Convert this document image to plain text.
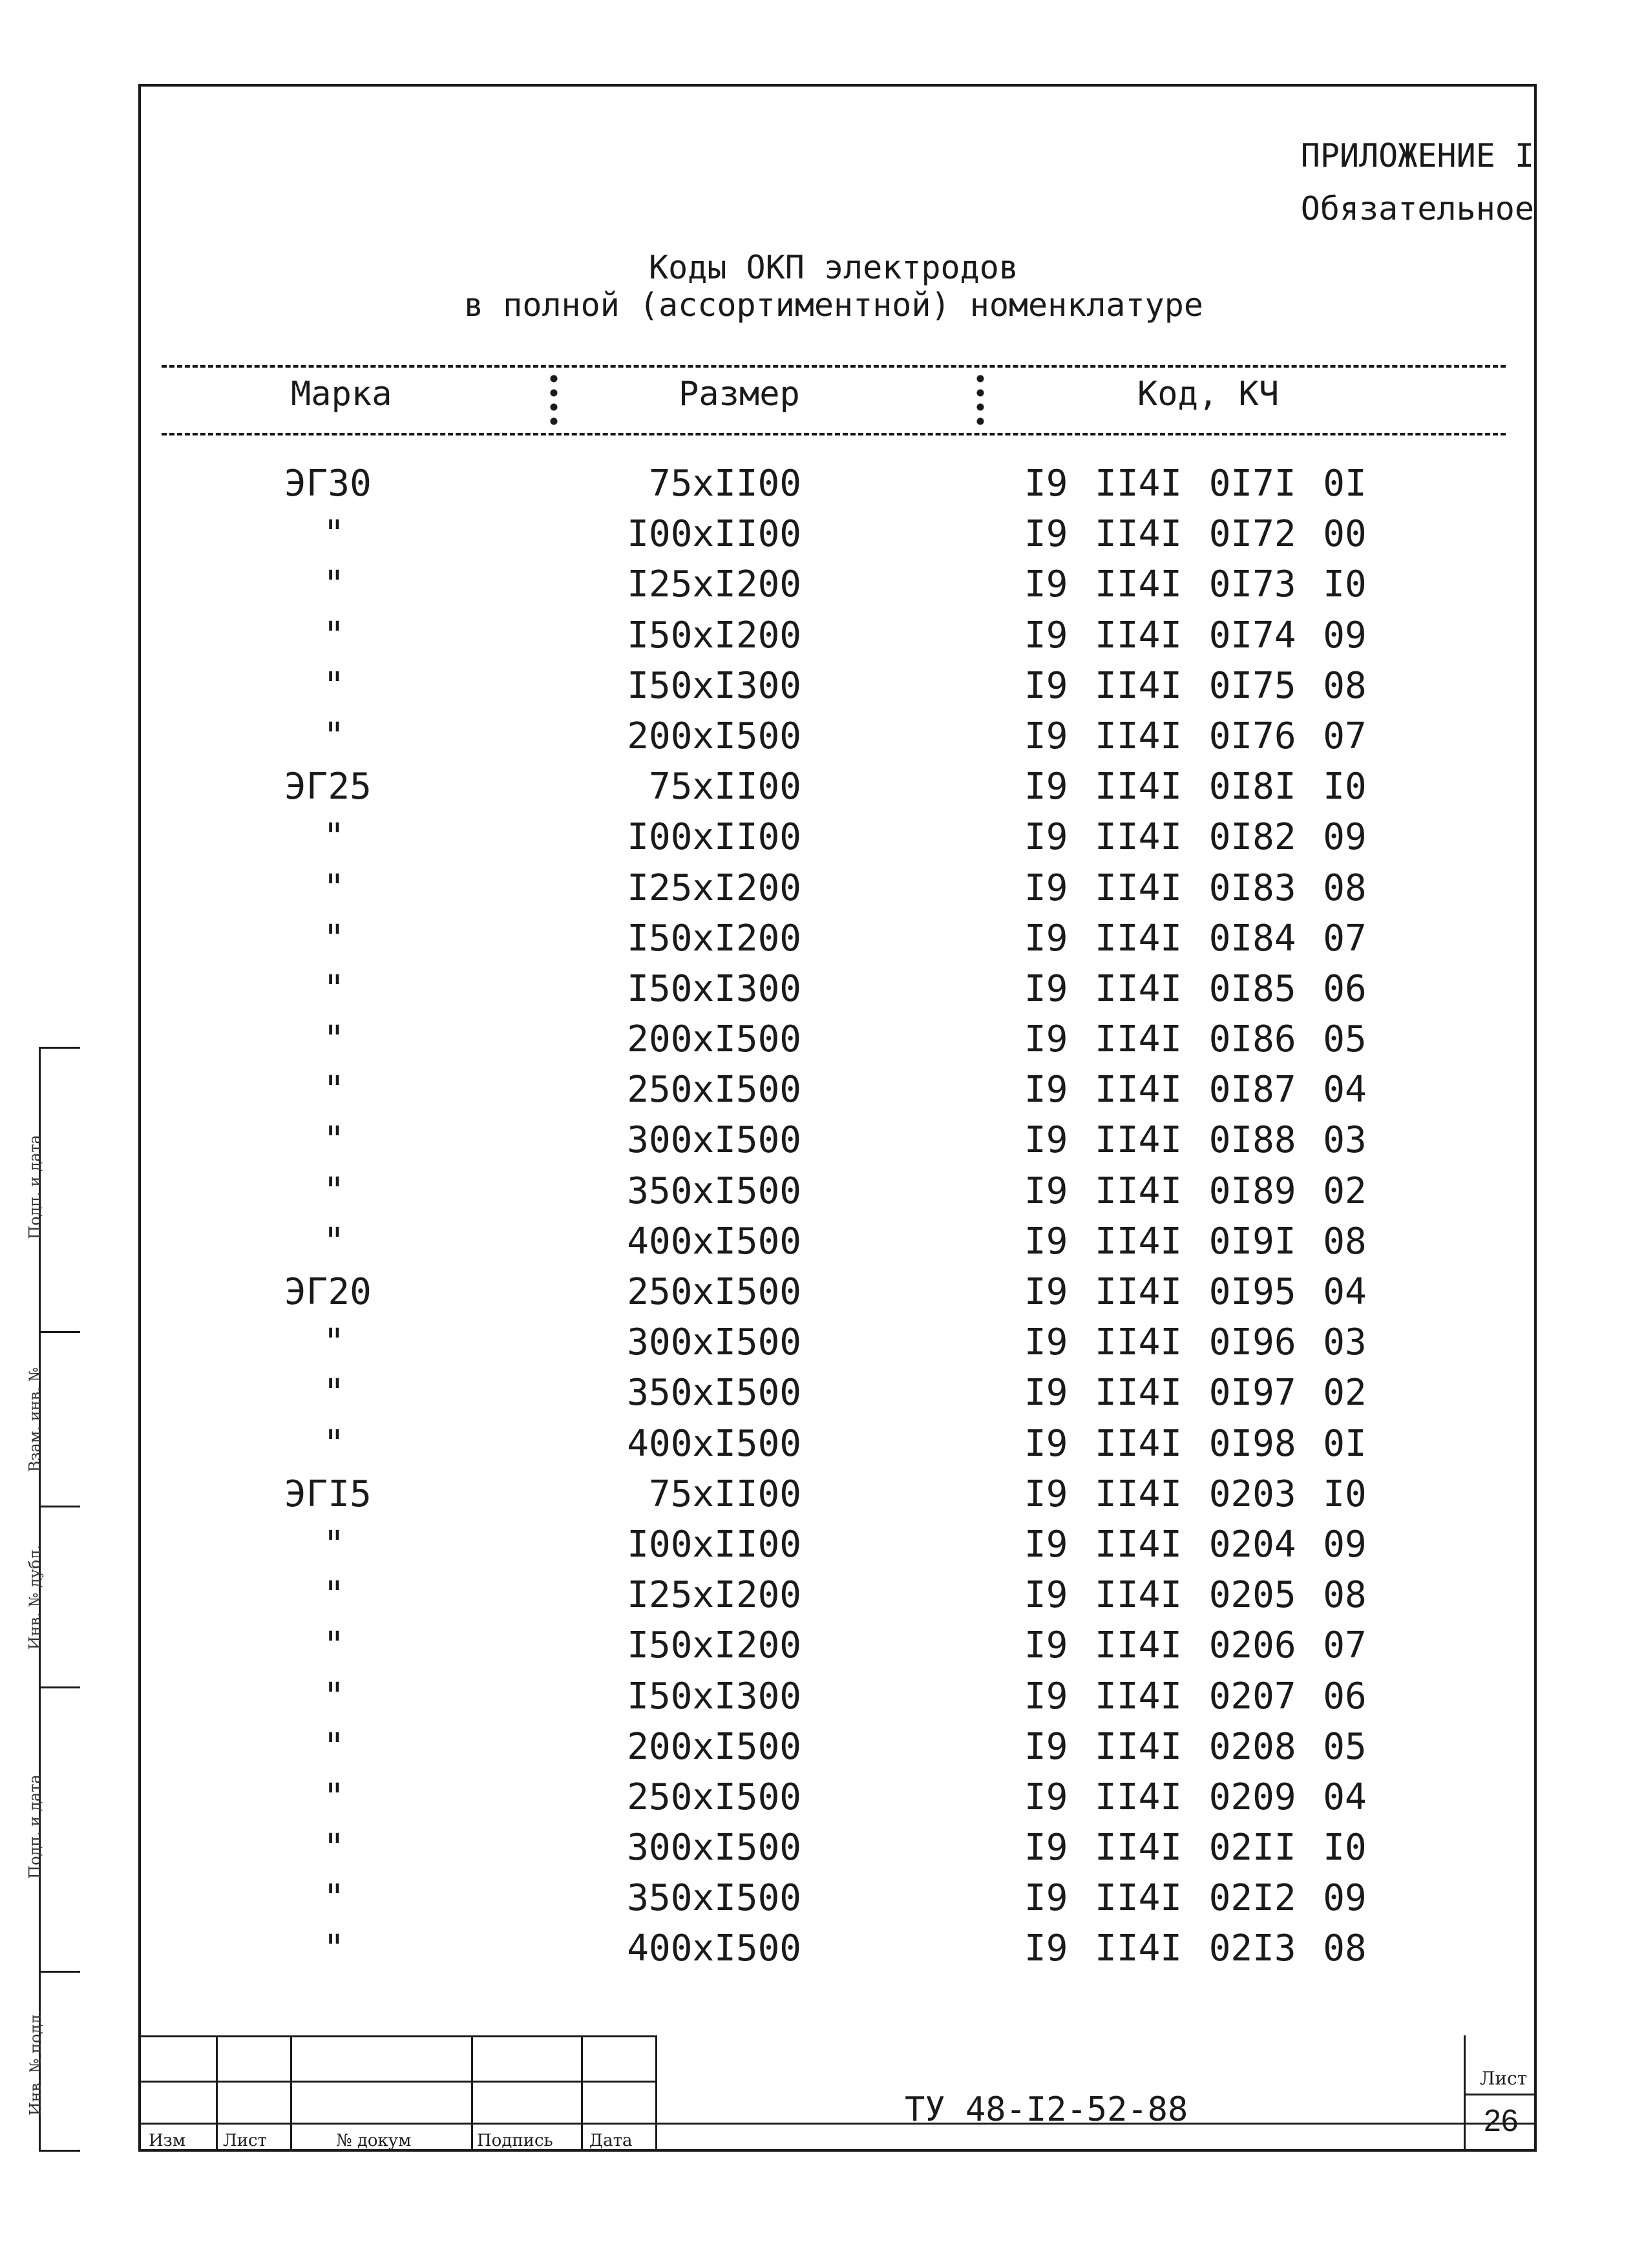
ПРИЛОЖЕНИЕ I
Обязательное
Коды ОКП электродов
в полной (ассортиментной) номенклатуре
Марка	Размер	Код, КЧ
ЭГ30	75xII00	I9 II4I 0I7I 0I
"	I00xII00	I9 II4I 0I72 00
"	I25xI200	I9 II4I 0I73 I0
"	I50xI200	I9 II4I 0I74 09
"	I50xI300	I9 II4I 0I75 08
"	200xI500	I9 II4I 0I76 07
ЭГ25	75xII00	I9 II4I 0I8I I0
"	I00xII00	I9 II4I 0I82 09
"	I25xI200	I9 II4I 0I83 08
"	I50xI200	I9 II4I 0I84 07
"	I50xI300	I9 II4I 0I85 06
"	200xI500	I9 II4I 0I86 05
"	250xI500	I9 II4I 0I87 04
"	300xI500	I9 II4I 0I88 03
"	350xI500	I9 II4I 0I89 02
"	400xI500	I9 II4I 0I9I 08
ЭГ20	250xI500	I9 II4I 0I95 04
"	300xI500	I9 II4I 0I96 03
"	350xI500	I9 II4I 0I97 02
"	400xI500	I9 II4I 0I98 0I
ЭГI5	75xII00	I9 II4I 0203 I0
"	I00xII00	I9 II4I 0204 09
"	I25xI200	I9 II4I 0205 08
"	I50xI200	I9 II4I 0206 07
"	I50xI300	I9 II4I 0207 06
"	200xI500	I9 II4I 0208 05
"	250xI500	I9 II4I 0209 04
"	300xI500	I9 II4I 02II I0
"	350xI500	I9 II4I 02I2 09
"	400xI500	I9 II4I 02I3 08
Изм Лист	№ докум	Подпись Дата
ТУ 48-I2-52-88
Лист
26
Подп. и дата
Взам. инв. №
Инв. № дубл.
Подп. и дата
Инв. № подл.
